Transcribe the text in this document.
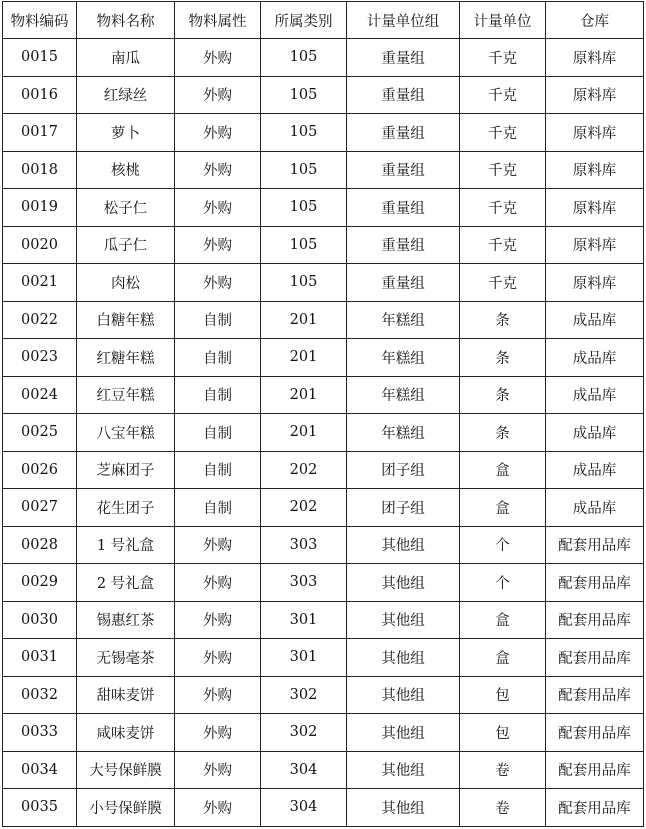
物料编码	物料名称	物料属性	所属类别	计量单位组	计量单位	仓库
0015	南瓜	外购	105	重量组	千克	原料库
0016	红绿丝	外购	105	重量组	千克	原料库
0017	萝卜	外购	105	重量组	千克	原料库
0018	核桃	外购	105	重量组	千克	原料库
0019	松子仁	外购	105	重量组	千克	原料库
0020	瓜子仁	外购	105	重量组	千克	原料库
0021	肉松	外购	105	重量组	千克	原料库
0022	白糖年糕	自制	201	年糕组	条	成品库
0023	红糖年糕	自制	201	年糕组	条	成品库
0024	红豆年糕	自制	201	年糕组	条	成品库
0025	八宝年糕	自制	201	年糕组	条	成品库
0026	芝麻团子	自制	202	团子组	盒	成品库
0027	花生团子	自制	202	团子组	盒	成品库
0028	1 号礼盒	外购	303	其他组	个	配套用品库
0029	2 号礼盒	外购	303	其他组	个	配套用品库
0030	锡惠红茶	外购	301	其他组	盒	配套用品库
0031	无锡毫茶	外购	301	其他组	盒	配套用品库
0032	甜味麦饼	外购	302	其他组	包	配套用品库
0033	咸味麦饼	外购	302	其他组	包	配套用品库
0034	大号保鲜膜	外购	304	其他组	卷	配套用品库
0035	小号保鲜膜	外购	304	其他组	卷	配套用品库
